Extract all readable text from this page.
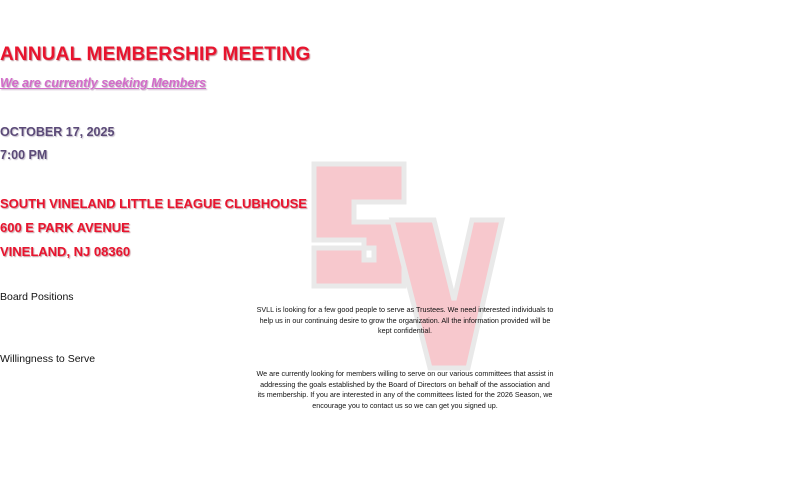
ANNUAL MEMBERSHIP MEETING
We are currently seeking Members
OCTOBER 17, 2025
7:00 PM
SOUTH VINELAND LITTLE LEAGUE CLUBHOUSE
600 E PARK AVENUE
VINELAND, NJ 08360
Board Positions
SVLL is looking for a few good people to serve as Trustees. We need interested individuals to help us in our continuing desire to grow the organization. All the information provided will be kept confidential.
Willingness to Serve
We are currently looking for members willing to serve on our various committees that assist in addressing the goals established by the Board of Directors on behalf of the association and its membership. If you are interested in any of the committees listed for the 2026 Season, we encourage you to contact us so we can get you signed up.
